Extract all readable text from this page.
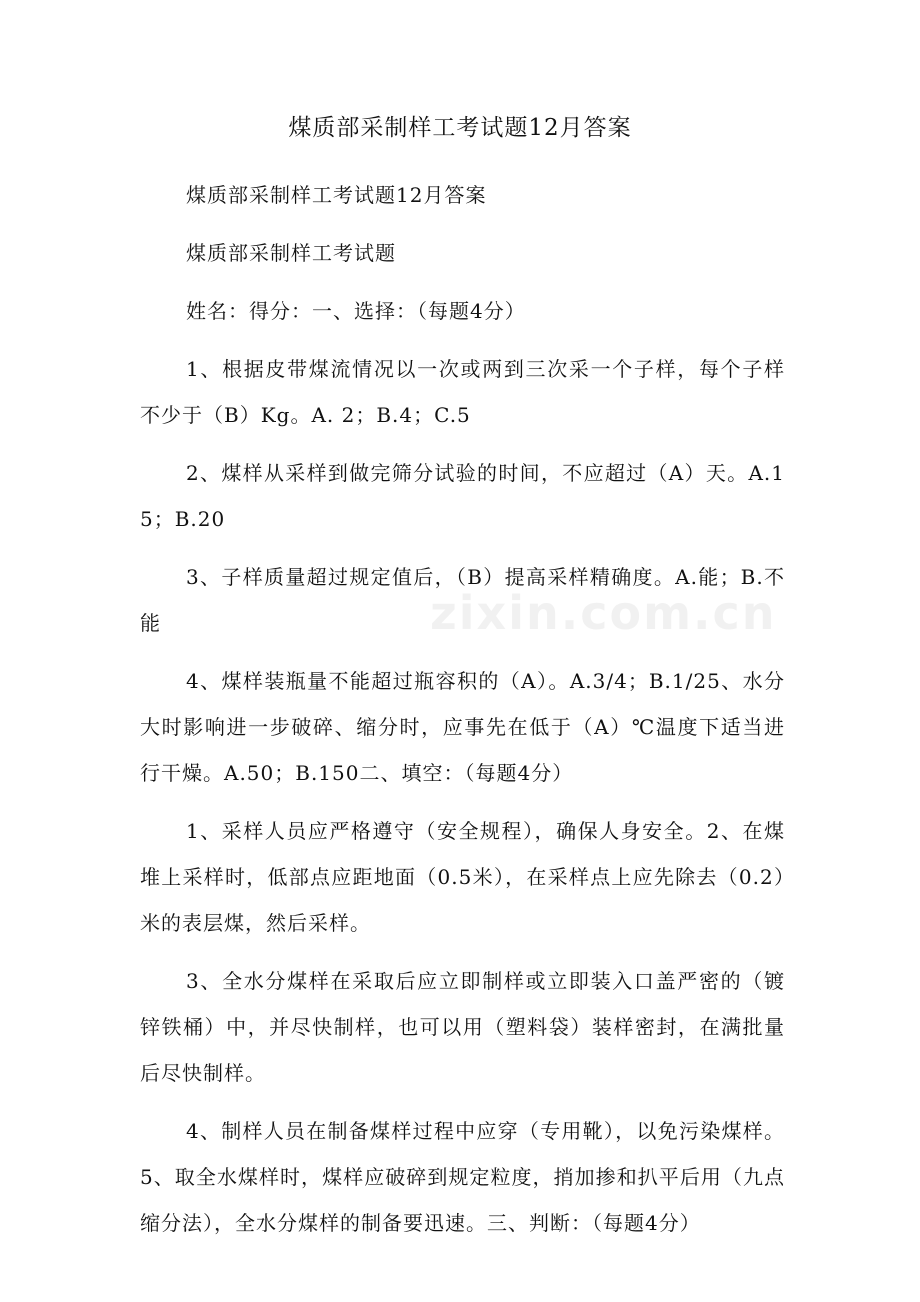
煤质部采制样工考试题12月答案
zixin.com.cn

煤质部采制样工考试题12月答案

煤质部采制样工考试题

姓名：得分：一、选择：（每题4分）

1、根据皮带煤流情况以一次或两到三次采一个子样，每个子样不少于（B）Kg。A. 2；B.4；C.5

2、煤样从采样到做完筛分试验的时间，不应超过（A）天。A.15；B.20

3、子样质量超过规定值后，（B）提高采样精确度。A.能；B.不能

4、煤样装瓶量不能超过瓶容积的（A）。A.3/4；B.1/25、水分大时影响进一步破碎、缩分时，应事先在低于（A）℃温度下适当进行干燥。A.50；B.150二、填空：（每题4分）

1、采样人员应严格遵守（安全规程），确保人身安全。2、在煤堆上采样时，低部点应距地面（0.5米），在采样点上应先除去（0.2）米的表层煤，然后采样。

3、全水分煤样在采取后应立即制样或立即装入口盖严密的（镀锌铁桶）中，并尽快制样，也可以用（塑料袋）装样密封，在满批量后尽快制样。

4、制样人员在制备煤样过程中应穿（专用靴），以免污染煤样。5、取全水煤样时，煤样应破碎到规定粒度，捎加掺和扒平后用（九点缩分法），全水分煤样的制备要迅速。三、判断：（每题4分）
